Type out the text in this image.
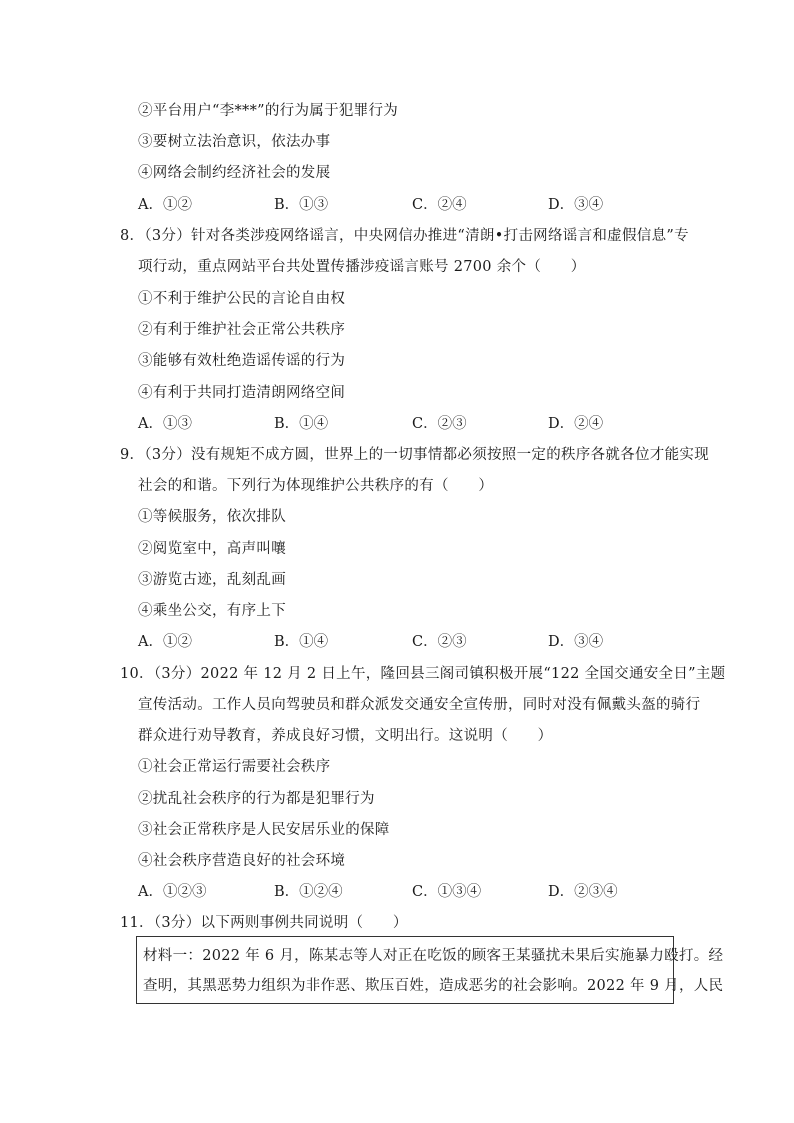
②平台用户“李***”的行为属于犯罪行为
③要树立法治意识，依法办事
④网络会制约经济社会的发展
A．①②	B．①③	C．②④	D．③④
8．（3分）针对各类涉疫网络谣言，中央网信办推进“清朗•打击网络谣言和虚假信息”专
项行动，重点网站平台共处置传播涉疫谣言账号 2700 余个（　　）
①不利于维护公民的言论自由权
②有利于维护社会正常公共秩序
③能够有效杜绝造谣传谣的行为
④有利于共同打造清朗网络空间
A．①③	B．①④	C．②③	D．②④
9．（3分）没有规矩不成方圆，世界上的一切事情都必须按照一定的秩序各就各位才能实现
社会的和谐。下列行为体现维护公共秩序的有（　　）
①等候服务，依次排队
②阅览室中，高声叫嚷
③游览古迹，乱刻乱画
④乘坐公交，有序上下
A．①②	B．①④	C．②③	D．③④
10．（3分）2022 年 12 月 2 日上午，隆回县三阁司镇积极开展“122 全国交通安全日”主题
宣传活动。工作人员向驾驶员和群众派发交通安全宣传册，同时对没有佩戴头盔的骑行
群众进行劝导教育，养成良好习惯，文明出行。这说明（　　）
①社会正常运行需要社会秩序
②扰乱社会秩序的行为都是犯罪行为
③社会正常秩序是人民安居乐业的保障
④社会秩序营造良好的社会环境
A．①②③	B．①②④	C．①③④	D．②③④
11．（3分）以下两则事例共同说明（　　）
材料一：2022 年 6 月，陈某志等人对正在吃饭的顾客王某骚扰未果后实施暴力殴打。经
查明，其黑恶势力组织为非作恶、欺压百姓，造成恶劣的社会影响。2022 年 9 月，人民
